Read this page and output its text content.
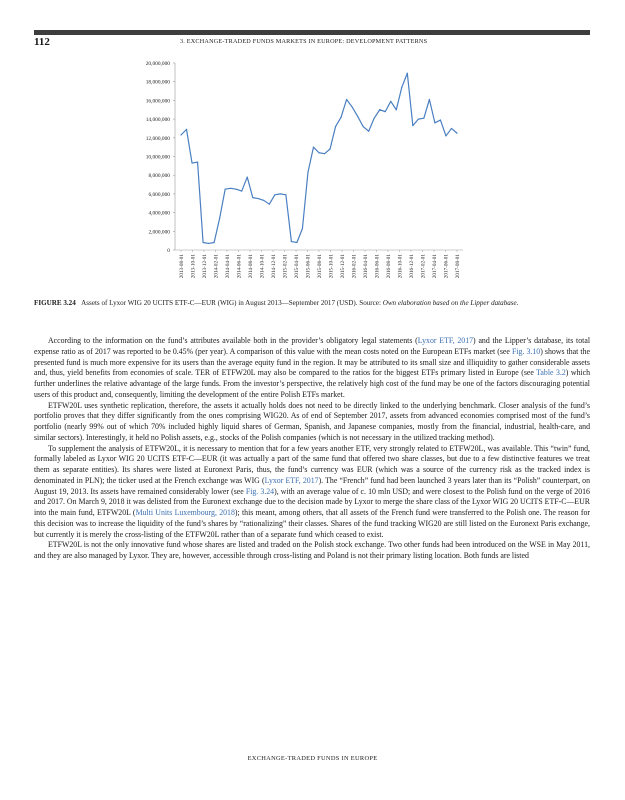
112	3. EXCHANGE-TRADED FUNDS MARKETS IN EUROPE: DEVELOPMENT PATTERNS
20,000,000
18,000,000
16,000,000
14,000,000
12,000,000
10,000,000
8,000,000
6,000,000
4,000,000
2,000,000
0
2013-08-01 2013-10-01 2013-12-01 2014-02-01 2014-04-01 2014-06-01 2014-08-01 2014-10-01 2014-12-01 2015-02-01 2015-04-01 2015-06-01 2015-08-01 2015-10-01 2015-12-01 2016-02-01 2016-04-01 2016-06-01 2016-08-01 2016-10-01 2016-12-01 2017-02-01 2017-04-01 2017-06-01 2017-08-01
FIGURE 3.24 Assets of Lyxor WIG 20 UCITS ETF-C—EUR (WIG) in August 2013—September 2017 (USD). Source: Own elaboration based on the Lipper database.

According to the information on the fund’s attributes available both in the provider’s obligatory legal statements (Lyxor ETF, 2017) and the Lipper’s database, its total expense ratio as of 2017 was reported to be 0.45% (per year). A comparison of this value with the mean costs noted on the European ETFs market (see Fig. 3.10) shows that the presented fund is much more expensive for its users than the average equity fund in the region. It may be attributed to its small size and illiquidity to gather considerable assets and, thus, yield benefits from economies of scale. TER of ETFW20L may also be compared to the ratios for the biggest ETFs primary listed in Europe (see Table 3.2) which further underlines the relative advantage of the large funds. From the investor’s perspective, the relatively high cost of the fund may be one of the factors discouraging potential users of this product and, consequently, limiting the development of the entire Polish ETFs market.

ETFW20L uses synthetic replication, therefore, the assets it actually holds does not need to be directly linked to the underlying benchmark. Closer analysis of the fund’s portfolio proves that they differ significantly from the ones comprising WIG20. As of end of September 2017, assets from advanced economies comprised most of the fund’s portfolio (nearly 99% out of which 70% included highly liquid shares of German, Spanish, and Japanese companies, mostly from the financial, industrial, health-care, and similar sectors). Interestingly, it held no Polish assets, e.g., stocks of the Polish companies (which is not necessary in the utilized tracking method).

To supplement the analysis of ETFW20L, it is necessary to mention that for a few years another ETF, very strongly related to ETFW20L, was available. This “twin” fund, formally labeled as Lyxor WIG 20 UCITS ETF-C—EUR (it was actually a part of the same fund that offered two share classes, but due to a few distinctive features we treat them as separate entities). Its shares were listed at Euronext Paris, thus, the fund’s currency was EUR (which was a source of the currency risk as the tracked index is denominated in PLN); the ticker used at the French exchange was WIG (Lyxor ETF, 2017). The “French” fund had been launched 3 years later than its “Polish” counterpart, on August 19, 2013. Its assets have remained considerably lower (see Fig. 3.24), with an average value of c. 10 mln USD; and were closest to the Polish fund on the verge of 2016 and 2017. On March 9, 2018 it was delisted from the Euronext exchange due to the decision made by Lyxor to merge the share class of the Lyxor WIG 20 UCITS ETF-C—EUR into the main fund, ETFW20L (Multi Units Luxembourg, 2018); this meant, among others, that all assets of the French fund were transferred to the Polish one. The reason for this decision was to increase the liquidity of the fund’s shares by “rationalizing” their classes. Shares of the fund tracking WIG20 are still listed on the Euronext Paris exchange, but currently it is merely the cross-listing of the ETFW20L rather than of a separate fund which ceased to exist.

ETFW20L is not the only innovative fund whose shares are listed and traded on the Polish stock exchange. Two other funds had been introduced on the WSE in May 2011, and they are also managed by Lyxor. They are, however, accessible through cross-listing and Poland is not their primary listing location. Both funds are listed

EXCHANGE-TRADED FUNDS IN EUROPE
